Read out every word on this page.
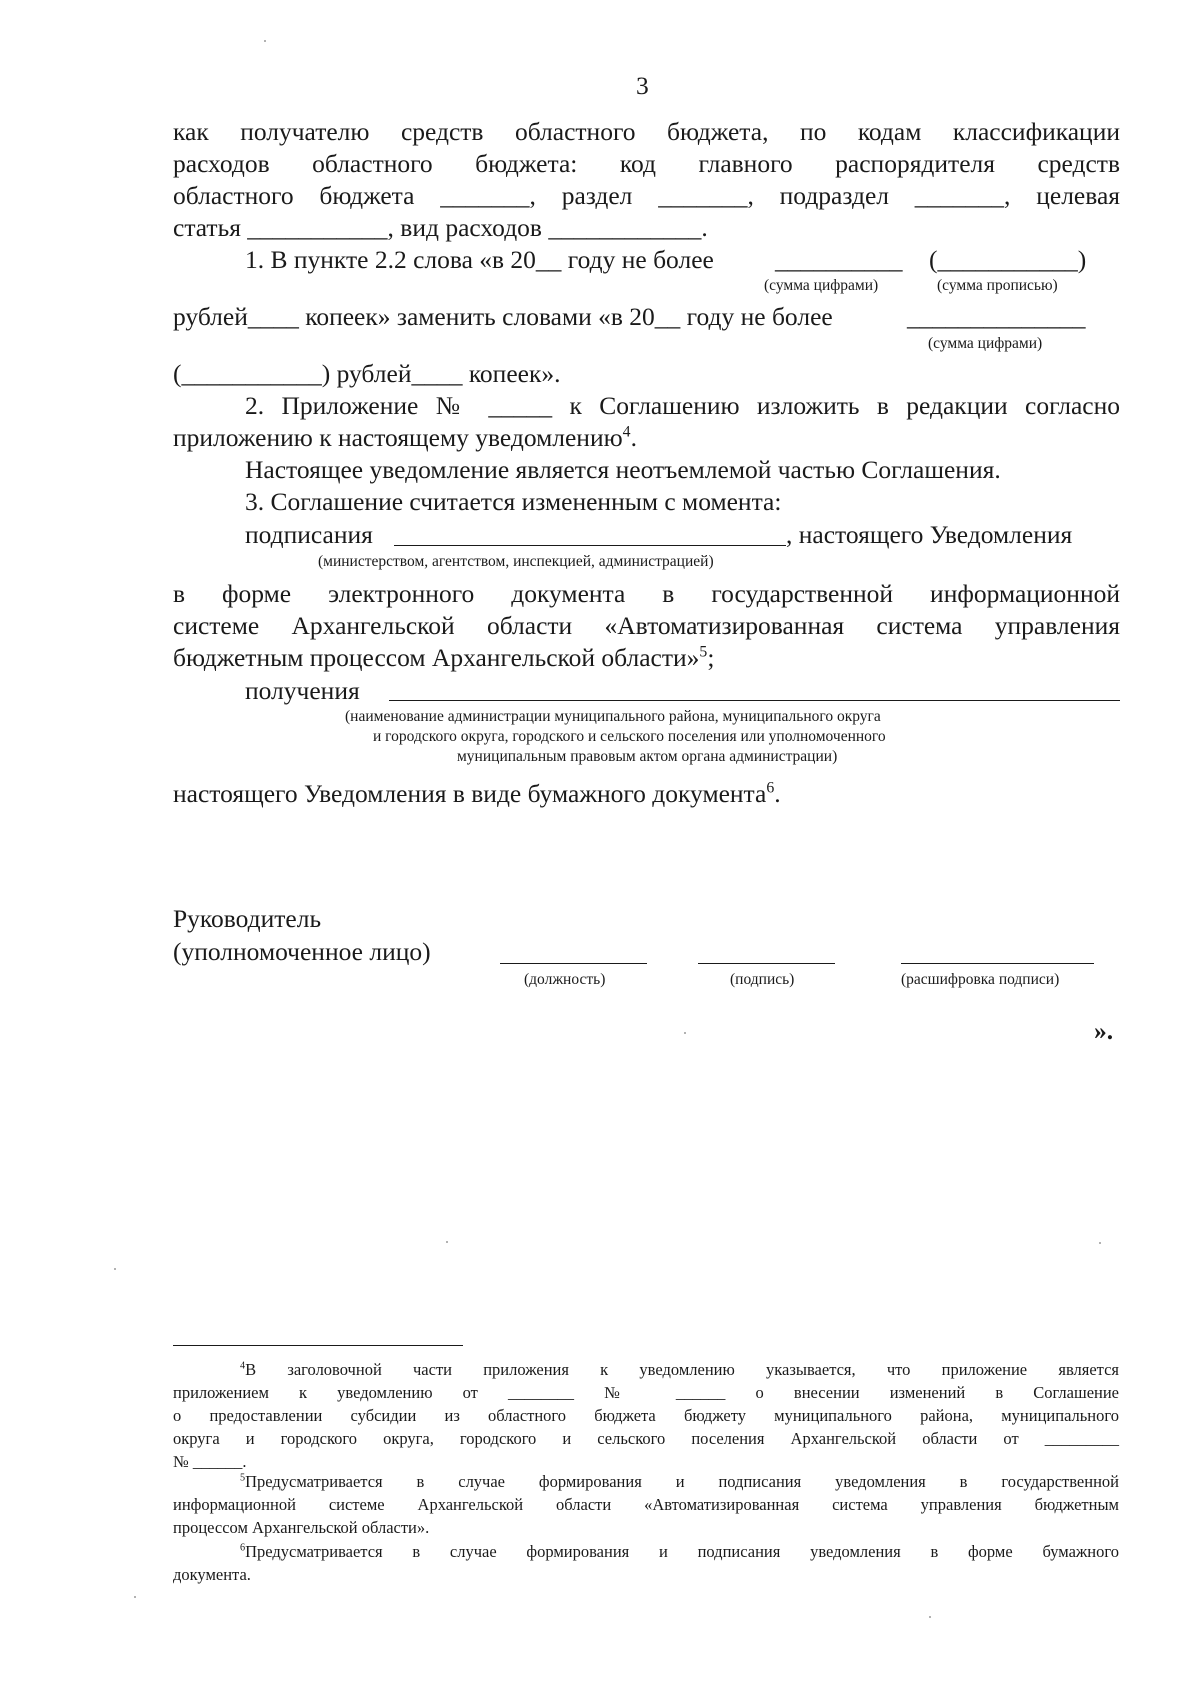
3
как получателю средств областного бюджета, по кодам классификации
расходов областного бюджета: код главного распорядителя средств
областного бюджета _______, раздел _______, подраздел _______, целевая
статья ___________, вид расходов ____________.
1. В пункте 2.2 слова «в 20__ году не более __________ (___________)
(сумма цифрами)	(сумма прописью)
рублей____ копеек» заменить словами «в 20__ году не более	______________
(сумма цифрами)
(___________) рублей____ копеек».
2. Приложение № _____ к Соглашению изложить в редакции согласно
приложению к настоящему уведомлению$^4$.
Настоящее уведомление является неотъемлемой частью Соглашения.
3. Соглашение считается измененным с момента:
подписания	, настоящего Уведомления
(министерством, агентством, инспекцией, администрацией)
в форме электронного документа в государственной информационной
системе Архангельской области «Автоматизированная система управления
бюджетным процессом Архангельской области»$^5$;
получения
(наименование администрации муниципального района, муниципального округа
и городского округа, городского и сельского поселения или уполномоченного
муниципальным правовым актом органа администрации)
настоящего Уведомления в виде бумажного документа$^6$.
Руководитель
(уполномоченное лицо)
(должность)	(подпись)	(расшифровка подписи)
».
$^4$В заголовочной части приложения к уведомлению указывается, что приложение является
приложением к уведомлению от ________ № ______ о внесении изменений в Соглашение
о предоставлении субсидии из областного бюджета бюджету муниципального района, муниципального
округа и городского округа, городского и сельского поселения Архангельской области от _________
№ ______.
$^5$Предусматривается в случае формирования и подписания уведомления в государственной
информационной системе Архангельской области «Автоматизированная система управления бюджетным
процессом Архангельской области».
$^6$Предусматривается в случае формирования и подписания уведомления в форме бумажного
документа.
